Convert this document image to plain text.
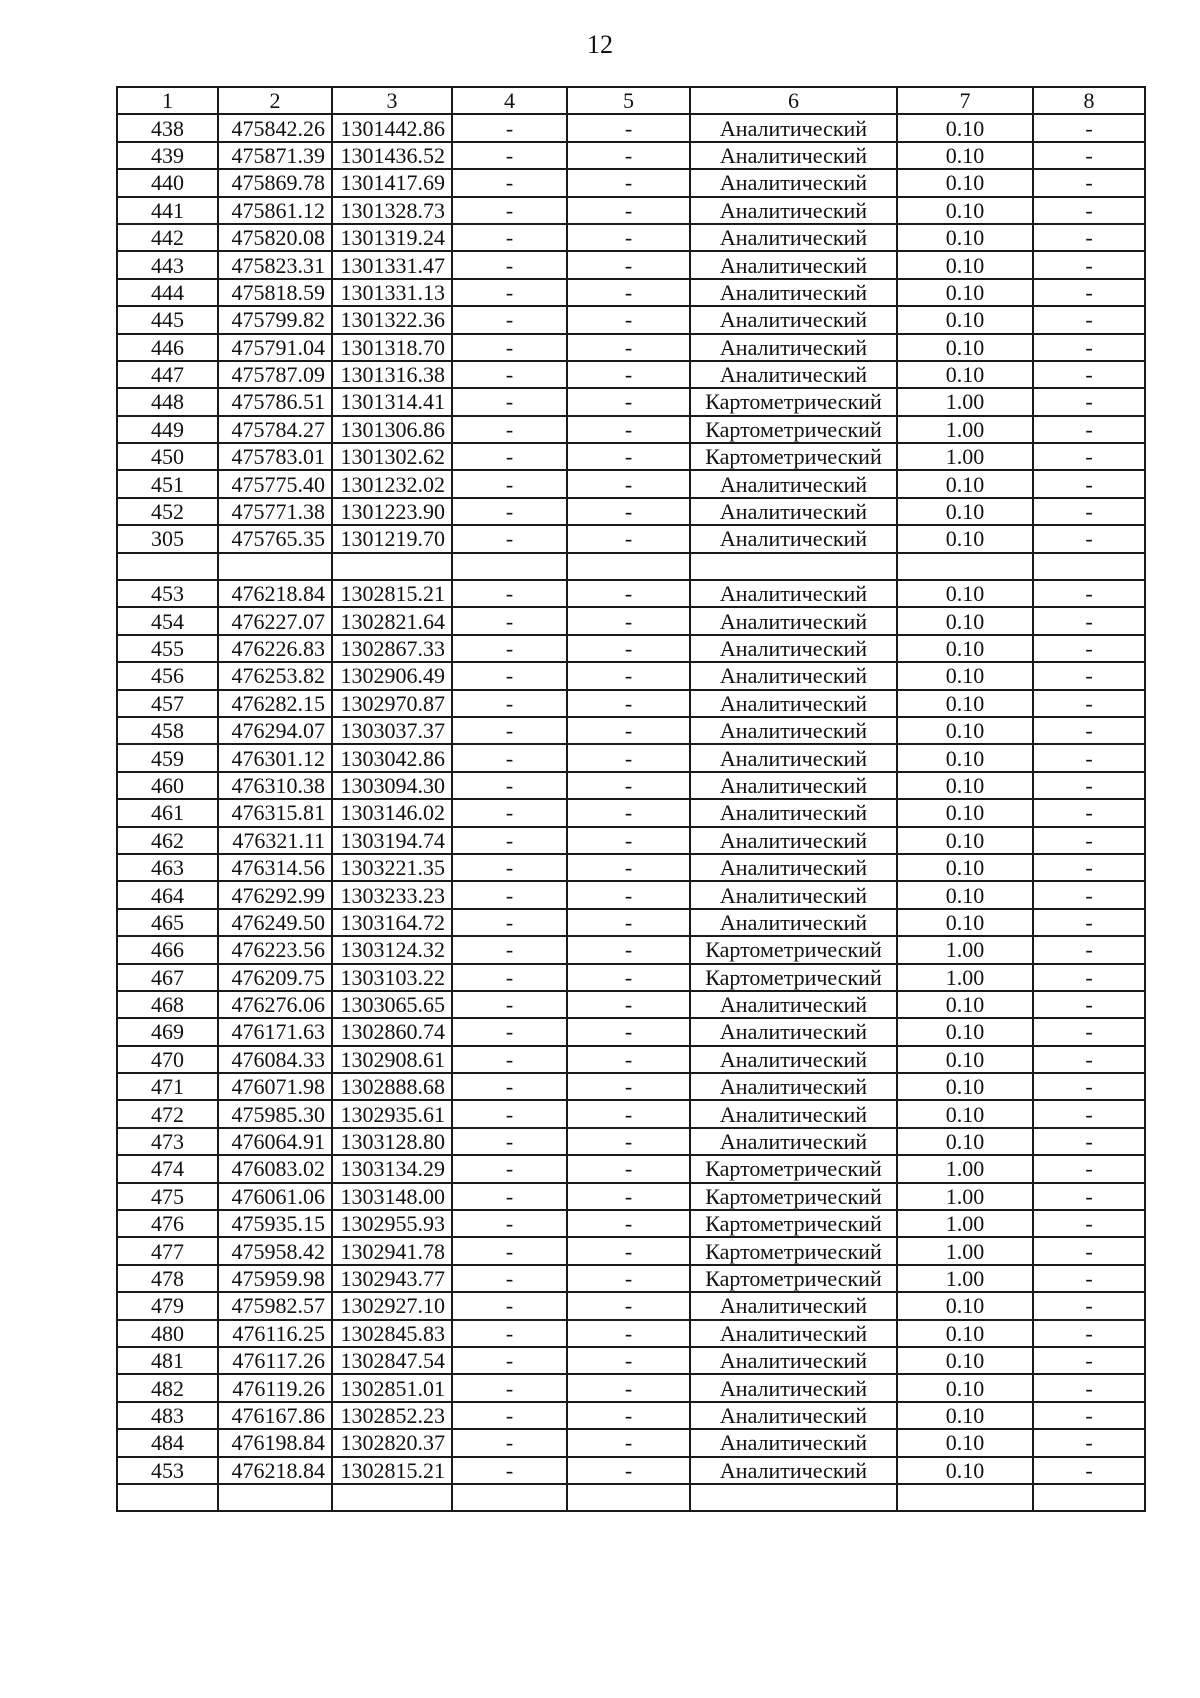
12
1	2	3	4	5	6	7	8
438	475842.26	1301442.86	-	-	Аналитический	0.10	-
439	475871.39	1301436.52	-	-	Аналитический	0.10	-
440	475869.78	1301417.69	-	-	Аналитический	0.10	-
441	475861.12	1301328.73	-	-	Аналитический	0.10	-
442	475820.08	1301319.24	-	-	Аналитический	0.10	-
443	475823.31	1301331.47	-	-	Аналитический	0.10	-
444	475818.59	1301331.13	-	-	Аналитический	0.10	-
445	475799.82	1301322.36	-	-	Аналитический	0.10	-
446	475791.04	1301318.70	-	-	Аналитический	0.10	-
447	475787.09	1301316.38	-	-	Аналитический	0.10	-
448	475786.51	1301314.41	-	-	Картометрический	1.00	-
449	475784.27	1301306.86	-	-	Картометрический	1.00	-
450	475783.01	1301302.62	-	-	Картометрический	1.00	-
451	475775.40	1301232.02	-	-	Аналитический	0.10	-
452	475771.38	1301223.90	-	-	Аналитический	0.10	-
305	475765.35	1301219.70	-	-	Аналитический	0.10	-

453	476218.84	1302815.21	-	-	Аналитический	0.10	-
454	476227.07	1302821.64	-	-	Аналитический	0.10	-
455	476226.83	1302867.33	-	-	Аналитический	0.10	-
456	476253.82	1302906.49	-	-	Аналитический	0.10	-
457	476282.15	1302970.87	-	-	Аналитический	0.10	-
458	476294.07	1303037.37	-	-	Аналитический	0.10	-
459	476301.12	1303042.86	-	-	Аналитический	0.10	-
460	476310.38	1303094.30	-	-	Аналитический	0.10	-
461	476315.81	1303146.02	-	-	Аналитический	0.10	-
462	476321.11	1303194.74	-	-	Аналитический	0.10	-
463	476314.56	1303221.35	-	-	Аналитический	0.10	-
464	476292.99	1303233.23	-	-	Аналитический	0.10	-
465	476249.50	1303164.72	-	-	Аналитический	0.10	-
466	476223.56	1303124.32	-	-	Картометрический	1.00	-
467	476209.75	1303103.22	-	-	Картометрический	1.00	-
468	476276.06	1303065.65	-	-	Аналитический	0.10	-
469	476171.63	1302860.74	-	-	Аналитический	0.10	-
470	476084.33	1302908.61	-	-	Аналитический	0.10	-
471	476071.98	1302888.68	-	-	Аналитический	0.10	-
472	475985.30	1302935.61	-	-	Аналитический	0.10	-
473	476064.91	1303128.80	-	-	Аналитический	0.10	-
474	476083.02	1303134.29	-	-	Картометрический	1.00	-
475	476061.06	1303148.00	-	-	Картометрический	1.00	-
476	475935.15	1302955.93	-	-	Картометрический	1.00	-
477	475958.42	1302941.78	-	-	Картометрический	1.00	-
478	475959.98	1302943.77	-	-	Картометрический	1.00	-
479	475982.57	1302927.10	-	-	Аналитический	0.10	-
480	476116.25	1302845.83	-	-	Аналитический	0.10	-
481	476117.26	1302847.54	-	-	Аналитический	0.10	-
482	476119.26	1302851.01	-	-	Аналитический	0.10	-
483	476167.86	1302852.23	-	-	Аналитический	0.10	-
484	476198.84	1302820.37	-	-	Аналитический	0.10	-
453	476218.84	1302815.21	-	-	Аналитический	0.10	-
